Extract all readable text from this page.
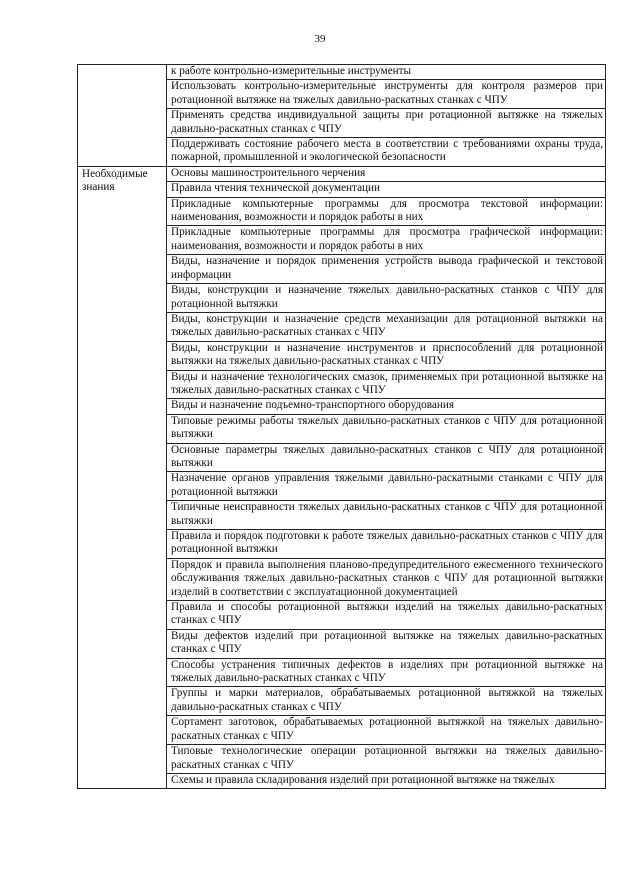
39
	к работе контрольно-измерительные инструменты
	Использовать контрольно-измерительные инструменты для контроля размеров при ротационной вытяжке на тяжелых давильно-раскатных станках с ЧПУ
	Применять средства индивидуальной защиты при ротационной вытяжке на тяжелых давильно-раскатных станках с ЧПУ
	Поддерживать состояние рабочего места в соответствии с требованиями охраны труда, пожарной, промышленной и экологической безопасности

Необходимые знания	Основы машиностроительного черчения
	Правила чтения технической документации
	Прикладные компьютерные программы для просмотра текстовой информации: наименования, возможности и порядок работы в них
	Прикладные компьютерные программы для просмотра графической информации: наименования, возможности и порядок работы в них
	Виды, назначение и порядок применения устройств вывода графической и текстовой информации
	Виды, конструкции и назначение тяжелых давильно-раскатных станков с ЧПУ для ротационной вытяжки
	Виды, конструкции и назначение средств механизации для ротационной вытяжки на тяжелых давильно-раскатных станках с ЧПУ
	Виды, конструкции и назначение инструментов и приспособлений для ротационной вытяжки на тяжелых давильно-раскатных станках с ЧПУ
	Виды и назначение технологических смазок, применяемых при ротационной вытяжке на тяжелых давильно-раскатных станках с ЧПУ
	Виды и назначение подъемно-транспортного оборудования
	Типовые режимы работы тяжелых давильно-раскатных станков с ЧПУ для ротационной вытяжки
	Основные параметры тяжелых давильно-раскатных станков с ЧПУ для ротационной вытяжки
	Назначение органов управления тяжелыми давильно-раскатными станками с ЧПУ для ротационной вытяжки
	Типичные неисправности тяжелых давильно-раскатных станков с ЧПУ для ротационной вытяжки
	Правила и порядок подготовки к работе тяжелых давильно-раскатных станков с ЧПУ для ротационной вытяжки
	Порядок и правила выполнения планово-предупредительного ежесменного технического обслуживания тяжелых давильно-раскатных станков с ЧПУ для ротационной вытяжки изделий в соответствии с эксплуатационной документацией
	Правила и способы ротационной вытяжки изделий на тяжелых давильно-раскатных станках с ЧПУ
	Виды дефектов изделий при ротационной вытяжке на тяжелых давильно-раскатных станках с ЧПУ
	Способы устранения типичных дефектов в изделиях при ротационной вытяжке на тяжелых давильно-раскатных станках с ЧПУ
	Группы и марки материалов, обрабатываемых ротационной вытяжкой на тяжелых давильно-раскатных станках с ЧПУ
	Сортамент заготовок, обрабатываемых ротационной вытяжкой на тяжелых давильно-раскатных станках с ЧПУ
	Типовые технологические операции ротационной вытяжки на тяжелых давильно-раскатных станках с ЧПУ
	Схемы и правила складирования изделий при ротационной вытяжке на тяжелых
